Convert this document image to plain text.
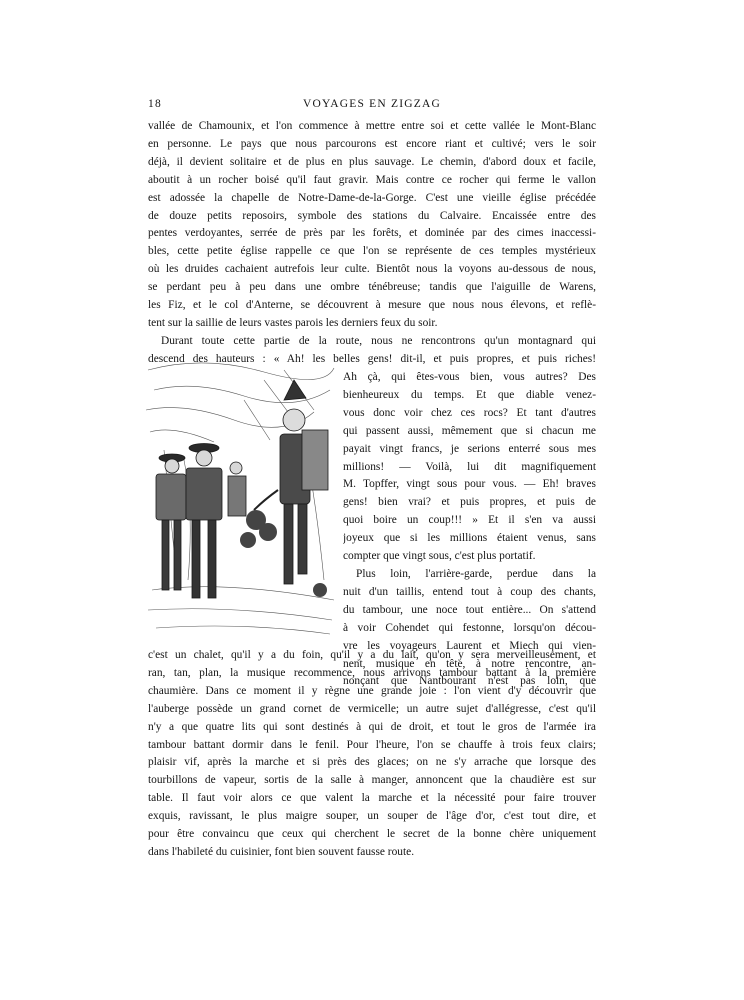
18	VOYAGES EN ZIGZAG
vallée de Chamounix, et l'on commence à mettre entre soi et cette vallée le Mont-Blanc
en personne. Le pays que nous parcourons est encore riant et cultivé; vers le soir
déjà, il devient solitaire et de plus en plus sauvage. Le chemin, d'abord doux et facile,
aboutit à un rocher boisé qu'il faut gravir. Mais contre ce rocher qui ferme le vallon
est adossée la chapelle de Notre-Dame-de-la-Gorge. C'est une vieille église précédée
de douze petits reposoirs, symbole des stations du Calvaire. Encaissée entre des
pentes verdoyantes, serrée de près par les forêts, et dominée par des cimes inaccessi-
bles, cette petite église rappelle ce que l'on se représente de ces temples mystérieux
où les druides cachaient autrefois leur culte. Bientôt nous la voyons au-dessous de nous,
se perdant peu à peu dans une ombre ténébreuse; tandis que l'aiguille de Warens,
les Fiz, et le col d'Anterne, se découvrent à mesure que nous nous élevons, et reflè-
tent sur la saillie de leurs vastes parois les derniers feux du soir.
Durant toute cette partie de la route, nous ne rencontrons qu'un montagnard qui
descend des hauteurs : « Ah! les belles gens! dit-il, et puis propres, et puis riches!
Ah çà, qui êtes-vous bien, vous autres? Des
bienheureux du temps. Et que diable venez-
vous donc voir chez ces rocs? Et tant d'autres
qui passent aussi, mêmement que si chacun me
payait vingt francs, je serions enterré sous mes
millions! — Voilà, lui dit magnifiquement
M. Topffer, vingt sous pour vous. — Eh! braves
gens! bien vrai? et puis propres, et puis de
quoi boire un coup!!! » Et il s'en va aussi
joyeux que si les millions étaient venus, sans
compter que vingt sous, c'est plus portatif.
Plus loin, l'arrière-garde, perdue dans la
nuit d'un taillis, entend tout à coup des chants,
du tambour, une noce tout entière... On s'attend
à voir Cohendet qui festonne, lorsqu'on décou-
vre les voyageurs Laurent et Miech qui vien-
nent, musique en tête, à notre rencontre, an-
nonçant que Nantbourant n'est pas loin, que
c'est un chalet, qu'il y a du foin, qu'il y a du lait, qu'on y sera merveilleusement, et
ran, tan, plan, la musique recommence, nous arrivons tambour battant à la première
chaumière. Dans ce moment il y règne une grande joie : l'on vient d'y découvrir que
l'auberge possède un grand cornet de vermicelle; un autre sujet d'allégresse, c'est qu'il
n'y a que quatre lits qui sont destinés à qui de droit, et tout le gros de l'armée ira
tambour battant dormir dans le fenil. Pour l'heure, l'on se chauffe à trois feux clairs;
plaisir vif, après la marche et si près des glaces; on ne s'y arrache que lorsque des
tourbillons de vapeur, sortis de la salle à manger, annoncent que la chaudière est sur
table. Il faut voir alors ce que valent la marche et la nécessité pour faire trouver
exquis, ravissant, le plus maigre souper, un souper de l'âge d'or, c'est tout dire, et
pour être convaincu que ceux qui cherchent le secret de la bonne chère uniquement
dans l'habileté du cuisinier, font bien souvent fausse route.
